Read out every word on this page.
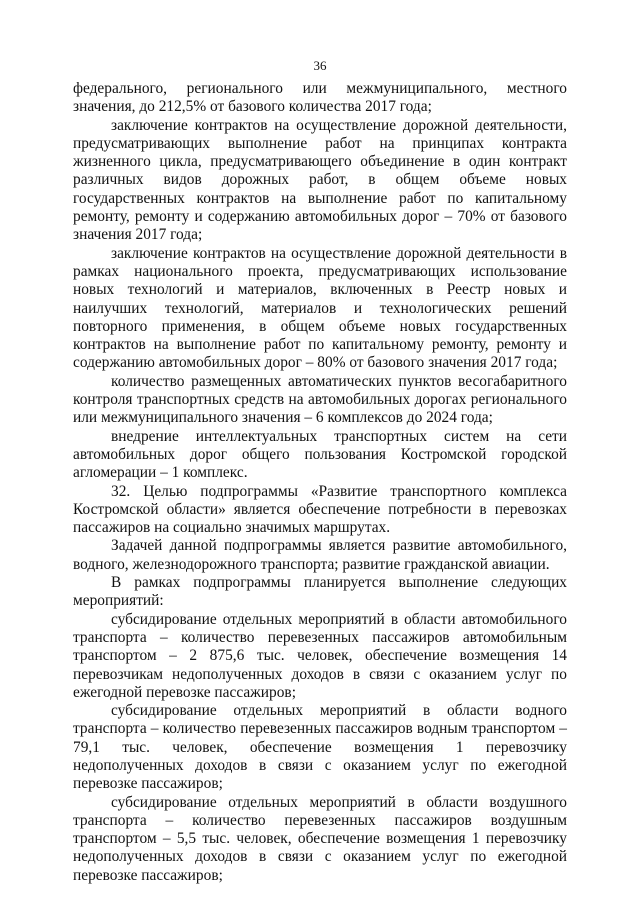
36

федерального, регионального или межмуниципального, местного значения, до 212,5% от базового количества 2017 года;

заключение контрактов на осуществление дорожной деятельности, предусматривающих выполнение работ на принципах контракта жизненного цикла, предусматривающего объединение в один контракт различных видов дорожных работ, в общем объеме новых государственных контрактов на выполнение работ по капитальному ремонту, ремонту и содержанию автомобильных дорог – 70% от базового значения 2017 года;

заключение контрактов на осуществление дорожной деятельности в рамках национального проекта, предусматривающих использование новых технологий и материалов, включенных в Реестр новых и наилучших технологий, материалов и технологических решений повторного применения, в общем объеме новых государственных контрактов на выполнение работ по капитальному ремонту, ремонту и содержанию автомобильных дорог – 80% от базового значения 2017 года;

количество размещенных автоматических пунктов весогабаритного контроля транспортных средств на автомобильных дорогах регионального или межмуниципального значения – 6 комплексов до 2024 года;

внедрение интеллектуальных транспортных систем на сети автомобильных дорог общего пользования Костромской городской агломерации – 1 комплекс.

32. Целью подпрограммы «Развитие транспортного комплекса Костромской области» является обеспечение потребности в перевозках пассажиров на социально значимых маршрутах.

Задачей данной подпрограммы является развитие автомобильного, водного, железнодорожного транспорта; развитие гражданской авиации.

В рамках подпрограммы планируется выполнение следующих мероприятий:

субсидирование отдельных мероприятий в области автомобильного транспорта – количество перевезенных пассажиров автомобильным транспортом – 2 875,6 тыс. человек, обеспечение возмещения 14 перевозчикам недополученных доходов в связи с оказанием услуг по ежегодной перевозке пассажиров;

субсидирование отдельных мероприятий в области водного транспорта – количество перевезенных пассажиров водным транспортом – 79,1 тыс. человек, обеспечение возмещения 1 перевозчику недополученных доходов в связи с оказанием услуг по ежегодной перевозке пассажиров;

субсидирование отдельных мероприятий в области воздушного транспорта – количество перевезенных пассажиров воздушным транспортом – 5,5 тыс. человек, обеспечение возмещения 1 перевозчику недополученных доходов в связи с оказанием услуг по ежегодной перевозке пассажиров;
